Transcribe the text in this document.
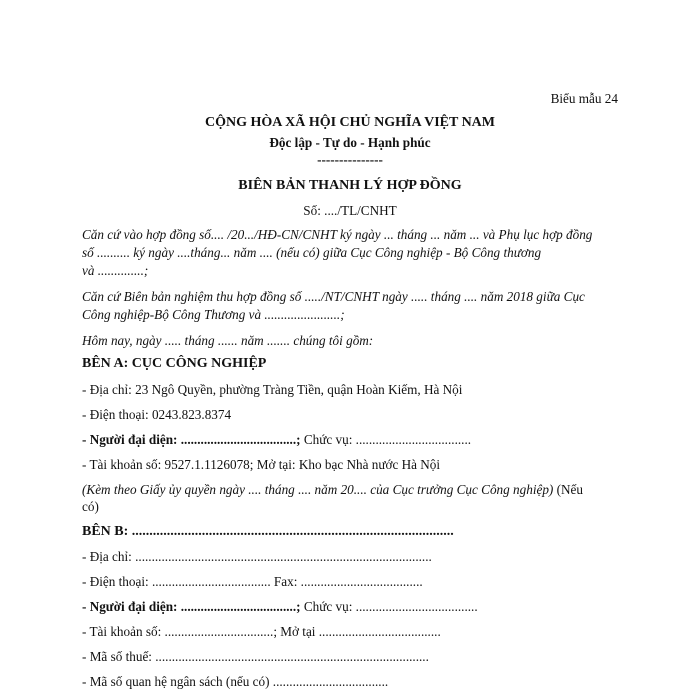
Biểu mẫu 24
CỘNG HÒA XÃ HỘI CHỦ NGHĨA VIỆT NAM
Độc lập - Tự do - Hạnh phúc
---------------
BIÊN BẢN THANH LÝ HỢP ĐỒNG
Số: ..../TL/CNHT
Căn cứ vào hợp đồng số.... /20.../HĐ-CN/CNHT ký ngày ... tháng ... năm ... và Phụ lục hợp đồng
số .......... ký ngày ....tháng... năm .... (nếu có) giữa Cục Công nghiệp - Bộ Công thương
và ..............;
Căn cứ Biên bản nghiệm thu hợp đồng số ...../NT/CNHT ngày ..... tháng .... năm 2018 giữa Cục
Công nghiệp-Bộ Công Thương và .......................;
Hôm nay, ngày ..... tháng ...... năm ....... chúng tôi gồm:
BÊN A: CỤC CÔNG NGHIỆP
- Địa chỉ: 23 Ngô Quyền, phường Tràng Tiền, quận Hoàn Kiếm, Hà Nội
- Điện thoại: 0243.823.8374
- Người đại diện: ...................................; Chức vụ: ...................................
- Tài khoản số: 9527.1.1126078; Mở tại: Kho bạc Nhà nước Hà Nội
(Kèm theo Giấy ủy quyền ngày .... tháng .... năm 20.... của Cục trưởng Cục Công nghiệp) (Nếu
có)
BÊN B: ............................................................................................
- Địa chỉ: ..........................................................................................
- Điện thoại: .................................... Fax: .....................................
- Người đại diện: ...................................; Chức vụ: .....................................
- Tài khoản số: .................................; Mở tại .....................................
- Mã số thuế: ...................................................................................
- Mã số quan hệ ngân sách (nếu có) ...................................
